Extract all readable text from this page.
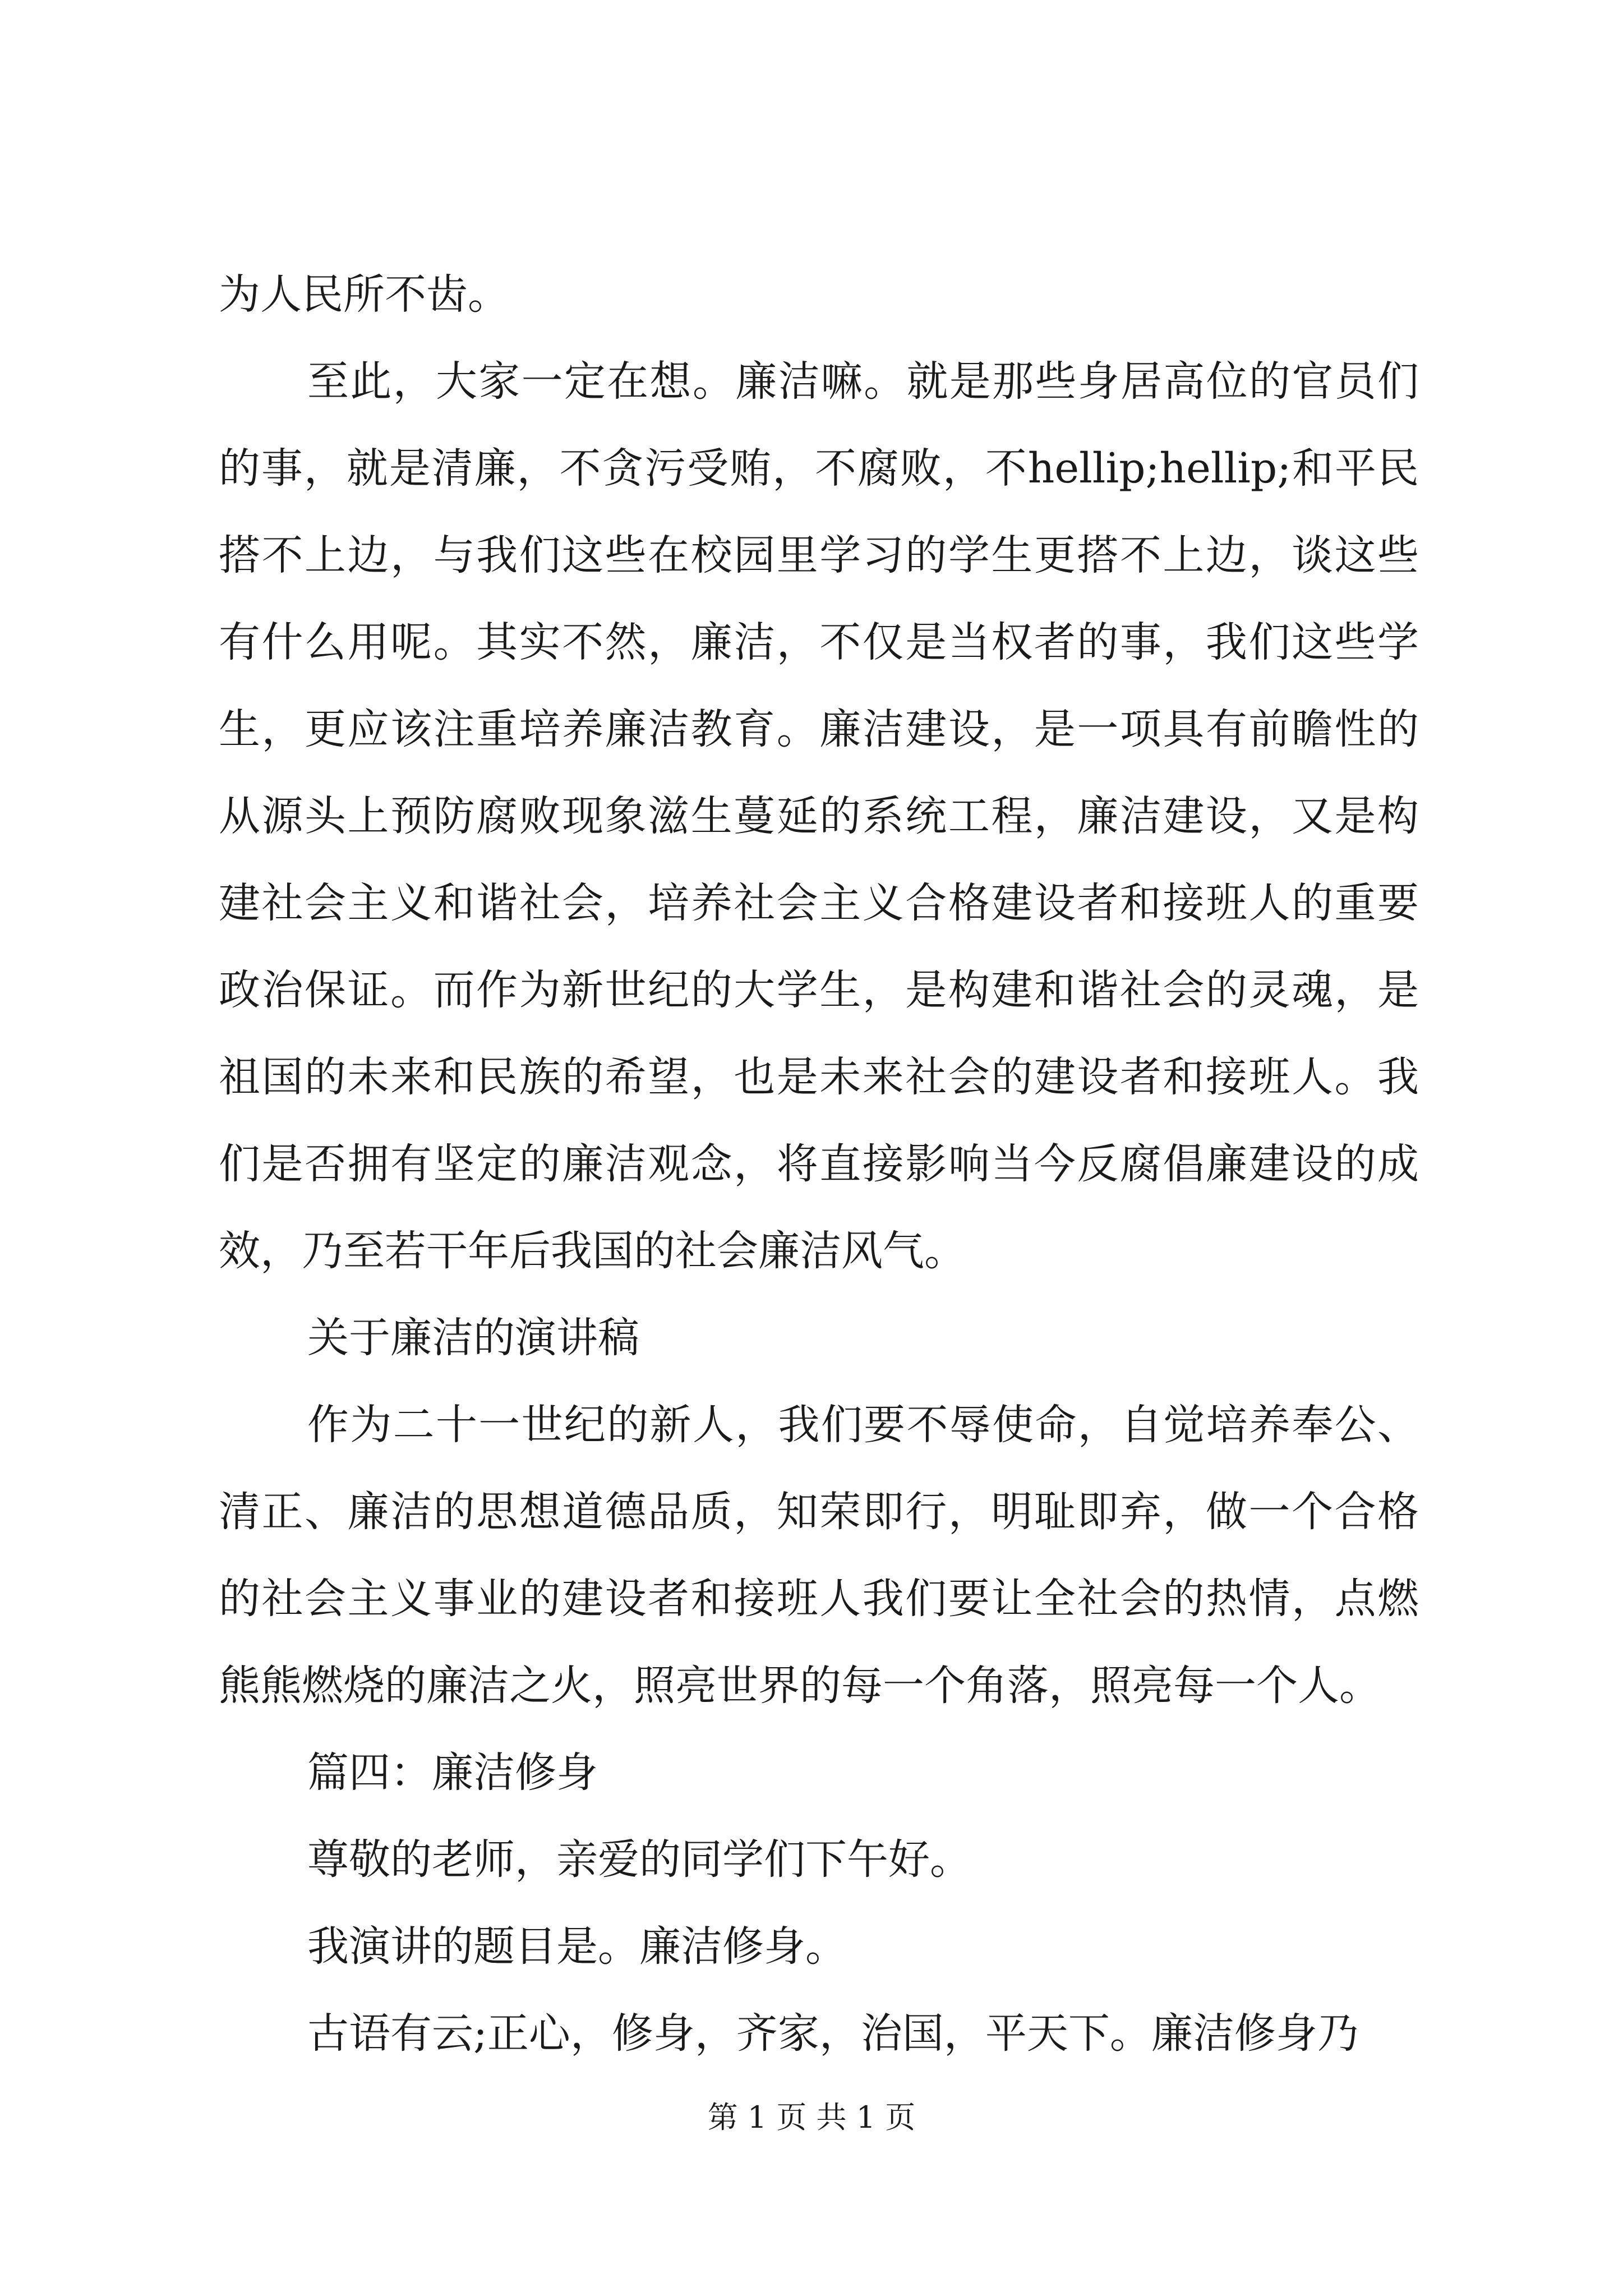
为人民所不齿。

至此，大家一定在想。廉洁嘛。就是那些身居高位的官员们的事，就是清廉，不贪污受贿，不腐败，不hellip;hellip;和平民搭不上边，与我们这些在校园里学习的学生更搭不上边，谈这些有什么用呢。其实不然，廉洁，不仅是当权者的事，我们这些学生，更应该注重培养廉洁教育。廉洁建设，是一项具有前瞻性的从源头上预防腐败现象滋生蔓延的系统工程，廉洁建设，又是构建社会主义和谐社会，培养社会主义合格建设者和接班人的重要政治保证。而作为新世纪的大学生，是构建和谐社会的灵魂，是祖国的未来和民族的希望，也是未来社会的建设者和接班人。我们是否拥有坚定的廉洁观念，将直接影响当今反腐倡廉建设的成效，乃至若干年后我国的社会廉洁风气。

关于廉洁的演讲稿

作为二十一世纪的新人，我们要不辱使命，自觉培养奉公、清正、廉洁的思想道德品质，知荣即行，明耻即弃，做一个合格的社会主义事业的建设者和接班人我们要让全社会的热情，点燃熊熊燃烧的廉洁之火，照亮世界的每一个角落，照亮每一个人。

篇四：廉洁修身

尊敬的老师，亲爱的同学们下午好。

我演讲的题目是。廉洁修身。

古语有云;正心，修身，齐家，治国，平天下。廉洁修身乃

第 1 页 共 1 页
